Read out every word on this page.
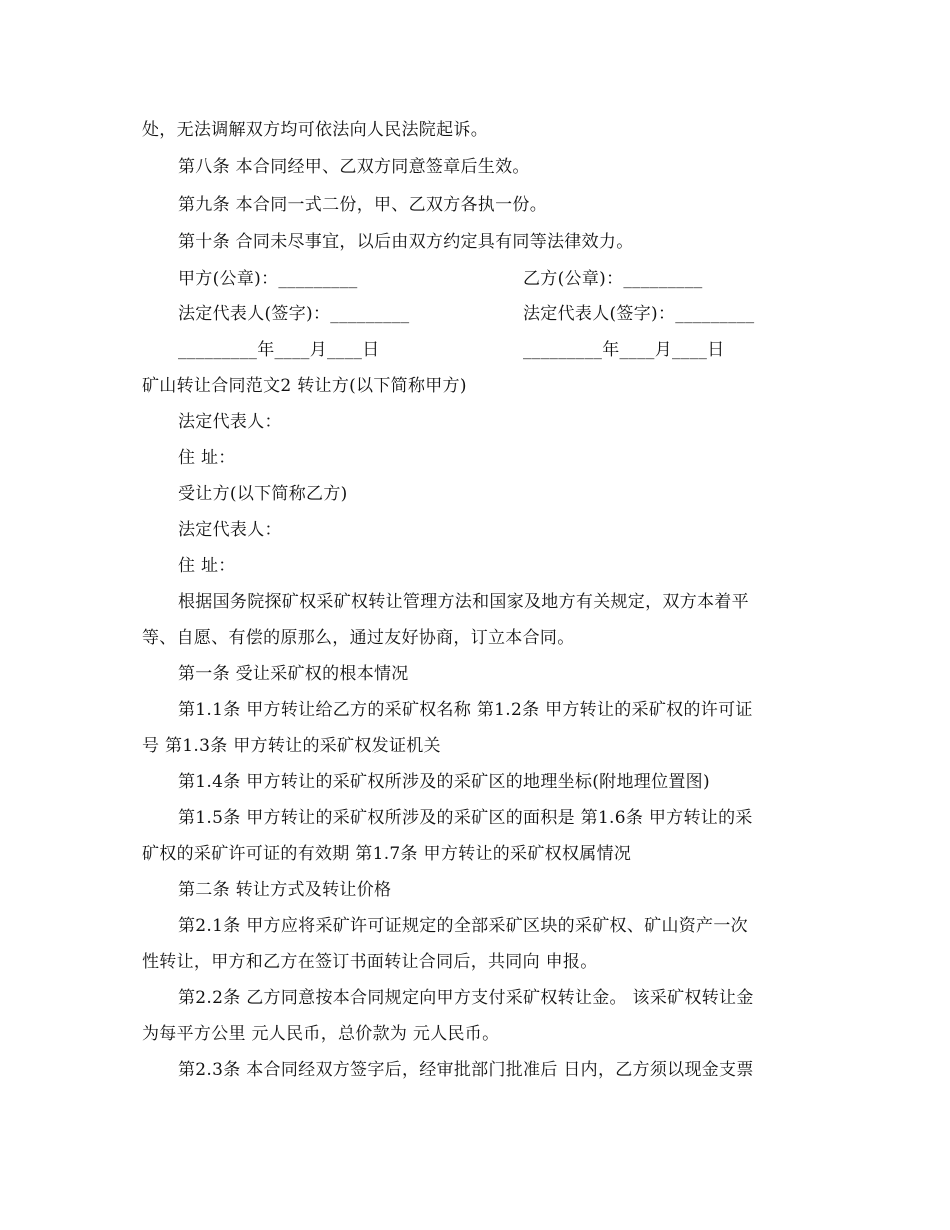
处，无法调解双方均可依法向人民法院起诉。
第八条 本合同经甲、乙双方同意签章后生效。
第九条 本合同一式二份，甲、乙双方各执一份。
第十条 合同未尽事宜，以后由双方约定具有同等法律效力。
甲方(公章)：_________	乙方(公章)：_________
法定代表人(签字)：_________	法定代表人(签字)：_________
_________年____月____日	_________年____月____日
矿山转让合同范文2 转让方(以下简称甲方)
法定代表人：
住 址：
受让方(以下简称乙方)
法定代表人：
住 址：
根据国务院探矿权采矿权转让管理方法和国家及地方有关规定，双方本着平
等、自愿、有偿的原那么，通过友好协商，订立本合同。
第一条 受让采矿权的根本情况
第1.1条 甲方转让给乙方的采矿权名称 第1.2条 甲方转让的采矿权的许可证
号 第1.3条 甲方转让的采矿权发证机关
第1.4条 甲方转让的采矿权所涉及的采矿区的地理坐标(附地理位置图)
第1.5条 甲方转让的采矿权所涉及的采矿区的面积是 第1.6条 甲方转让的采
矿权的采矿许可证的有效期 第1.7条 甲方转让的采矿权权属情况
第二条 转让方式及转让价格
第2.1条 甲方应将采矿许可证规定的全部采矿区块的采矿权、矿山资产一次
性转让，甲方和乙方在签订书面转让合同后，共同向 申报。
第2.2条 乙方同意按本合同规定向甲方支付采矿权转让金。 该采矿权转让金
为每平方公里 元人民币，总价款为 元人民币。
第2.3条 本合同经双方签字后，经审批部门批准后 日内，乙方须以现金支票
